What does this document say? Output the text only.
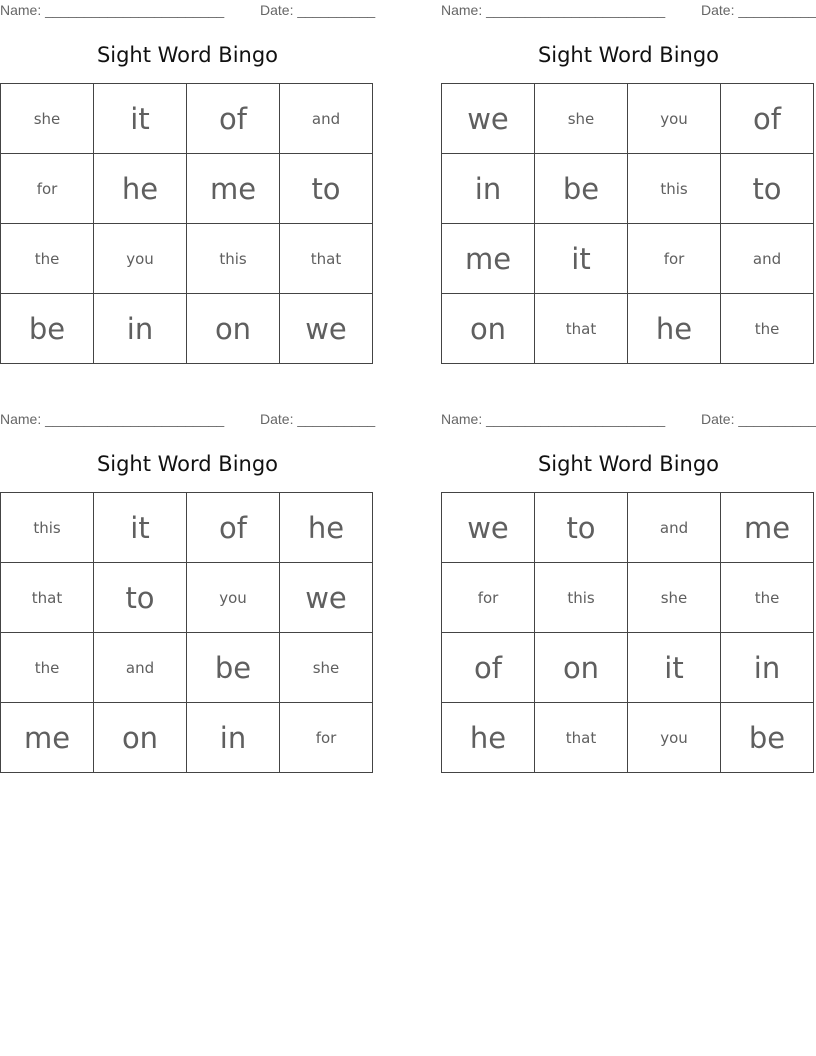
Name: _______________________	Date: __________
Sight Word Bingo
she	it	of	and
for	he	me	to
the	you	this	that
be	in	on	we
Name: _______________________	Date: __________
Sight Word Bingo
we	she	you	of
in	be	this	to
me	it	for	and
on	that	he	the
Name: _______________________	Date: __________
Sight Word Bingo
this	it	of	he
that	to	you	we
the	and	be	she
me	on	in	for
Name: _______________________	Date: __________
Sight Word Bingo
we	to	and	me
for	this	she	the
of	on	it	in
he	that	you	be
